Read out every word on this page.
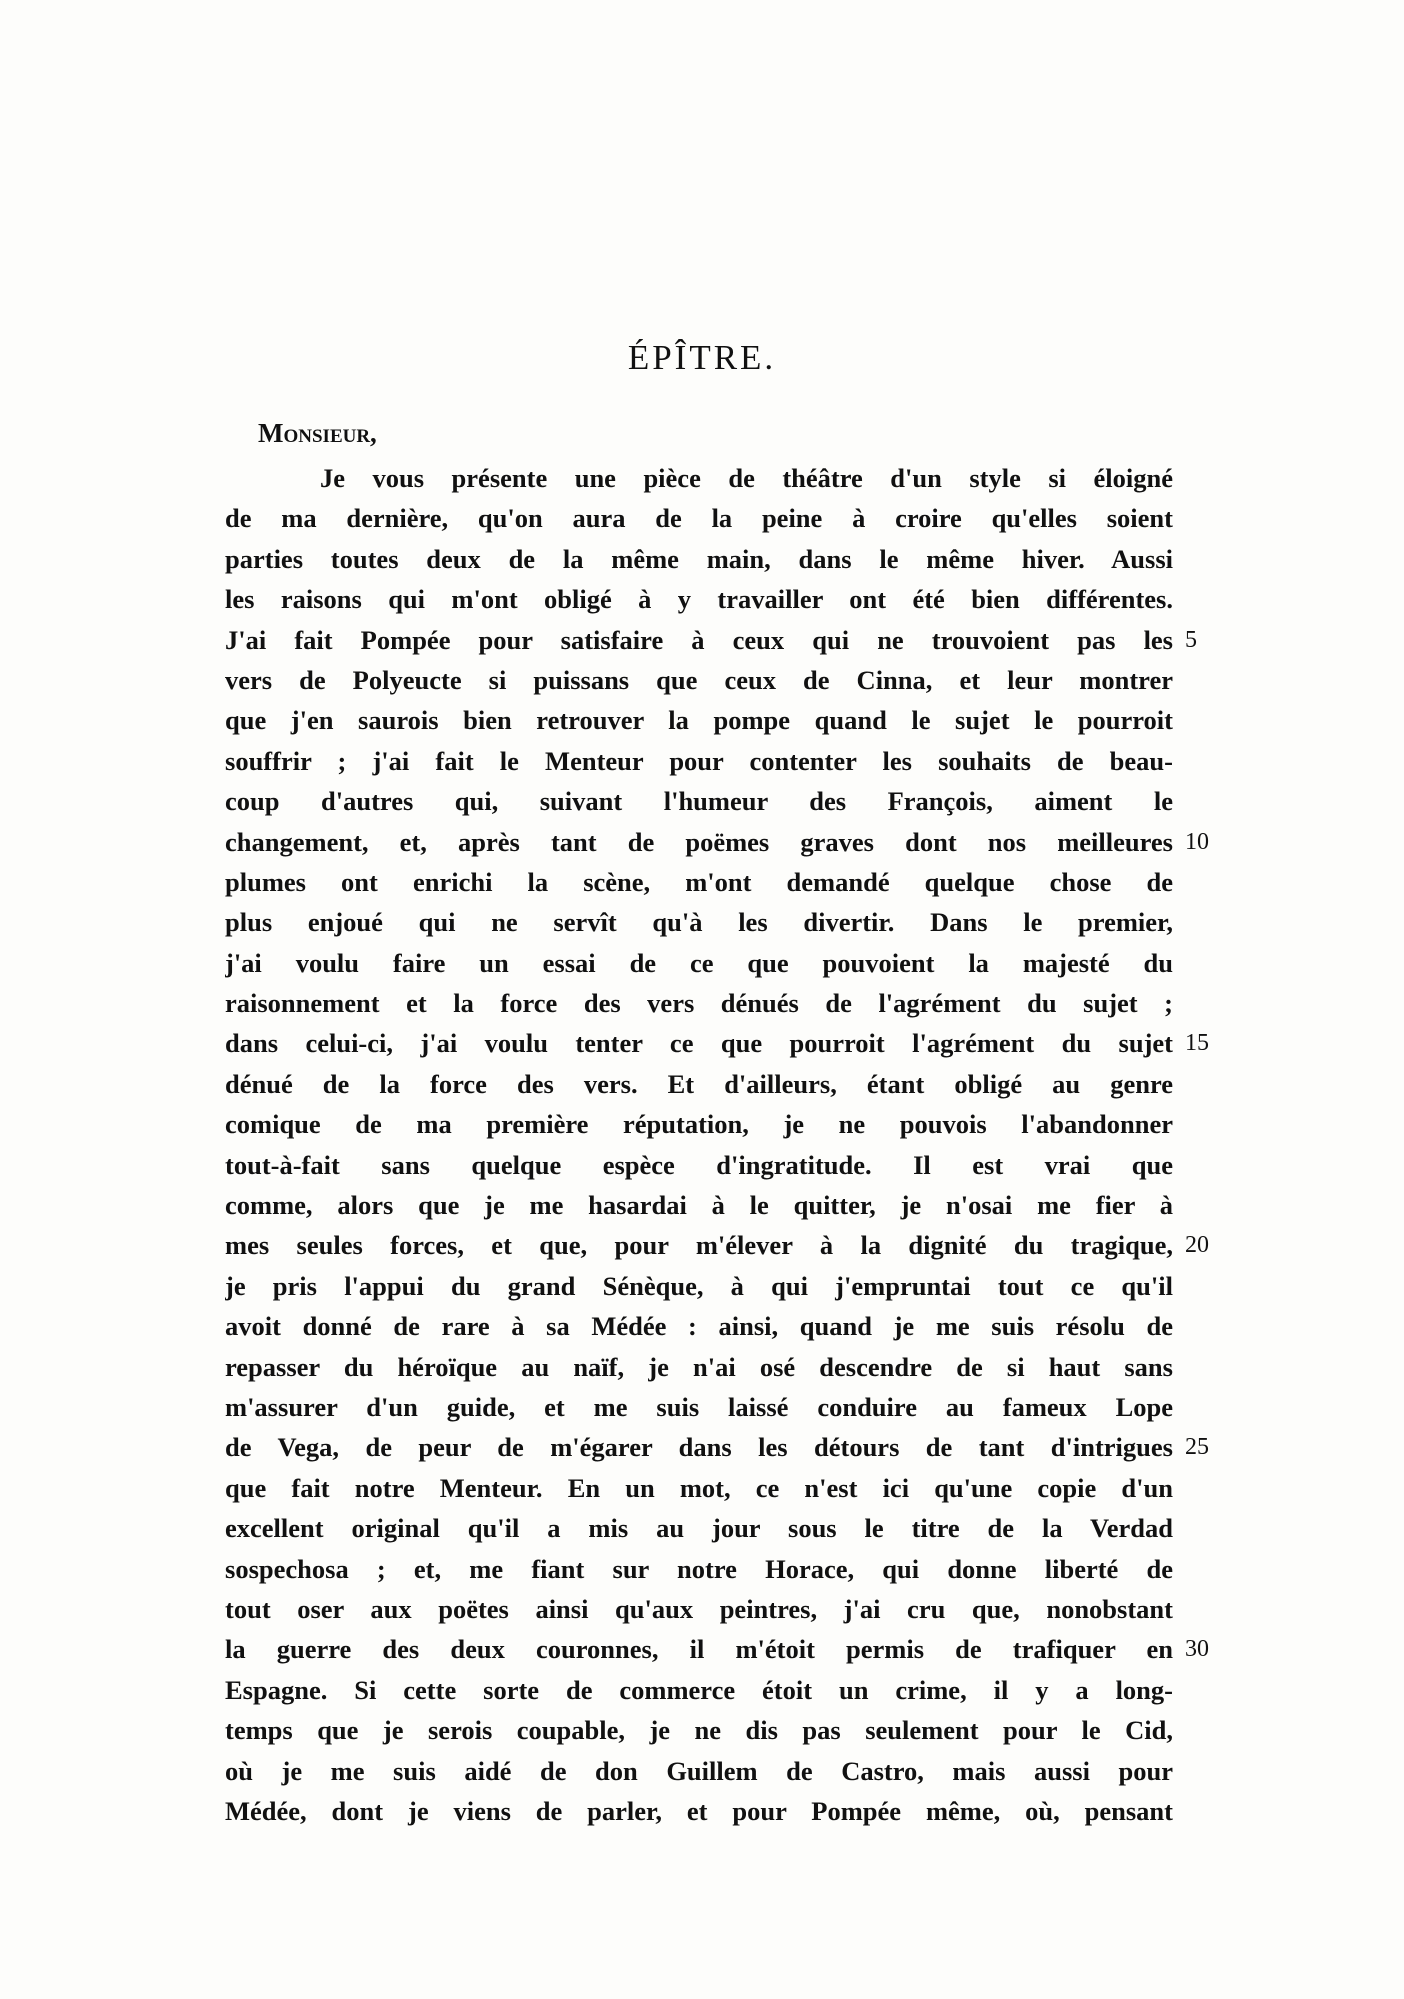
ÉPÎTRE.
Monsieur,
Je vous présente une pièce de théâtre d'un style si éloigné
de ma dernière, qu'on aura de la peine à croire qu'elles soient
parties toutes deux de la même main, dans le même hiver. Aussi
les raisons qui m'ont obligé à y travailler ont été bien différentes.
J'ai fait Pompée pour satisfaire à ceux qui ne trouvoient pas les 5
vers de Polyeucte si puissans que ceux de Cinna, et leur montrer
que j'en saurois bien retrouver la pompe quand le sujet le pourroit
souffrir ; j'ai fait le Menteur pour contenter les souhaits de beau-
coup d'autres qui, suivant l'humeur des François, aiment le
changement, et, après tant de poëmes graves dont nos meilleures 10
plumes ont enrichi la scène, m'ont demandé quelque chose de
plus enjoué qui ne servît qu'à les divertir. Dans le premier,
j'ai voulu faire un essai de ce que pouvoient la majesté du
raisonnement et la force des vers dénués de l'agrément du sujet ;
dans celui-ci, j'ai voulu tenter ce que pourroit l'agrément du sujet 15
dénué de la force des vers. Et d'ailleurs, étant obligé au genre
comique de ma première réputation, je ne pouvois l'abandonner
tout-à-fait sans quelque espèce d'ingratitude. Il est vrai que
comme, alors que je me hasardai à le quitter, je n'osai me fier à
mes seules forces, et que, pour m'élever à la dignité du tragique, 20
je pris l'appui du grand Sénèque, à qui j'empruntai tout ce qu'il
avoit donné de rare à sa Médée : ainsi, quand je me suis résolu de
repasser du héroïque au naïf, je n'ai osé descendre de si haut sans
m'assurer d'un guide, et me suis laissé conduire au fameux Lope
de Vega, de peur de m'égarer dans les détours de tant d'intrigues 25
que fait notre Menteur. En un mot, ce n'est ici qu'une copie d'un
excellent original qu'il a mis au jour sous le titre de la Verdad
sospechosa ; et, me fiant sur notre Horace, qui donne liberté de
tout oser aux poëtes ainsi qu'aux peintres, j'ai cru que, nonobstant
la guerre des deux couronnes, il m'étoit permis de trafiquer en 30
Espagne. Si cette sorte de commerce étoit un crime, il y a long-
temps que je serois coupable, je ne dis pas seulement pour le Cid,
où je me suis aidé de don Guillem de Castro, mais aussi pour
Médée, dont je viens de parler, et pour Pompée même, où, pensant
